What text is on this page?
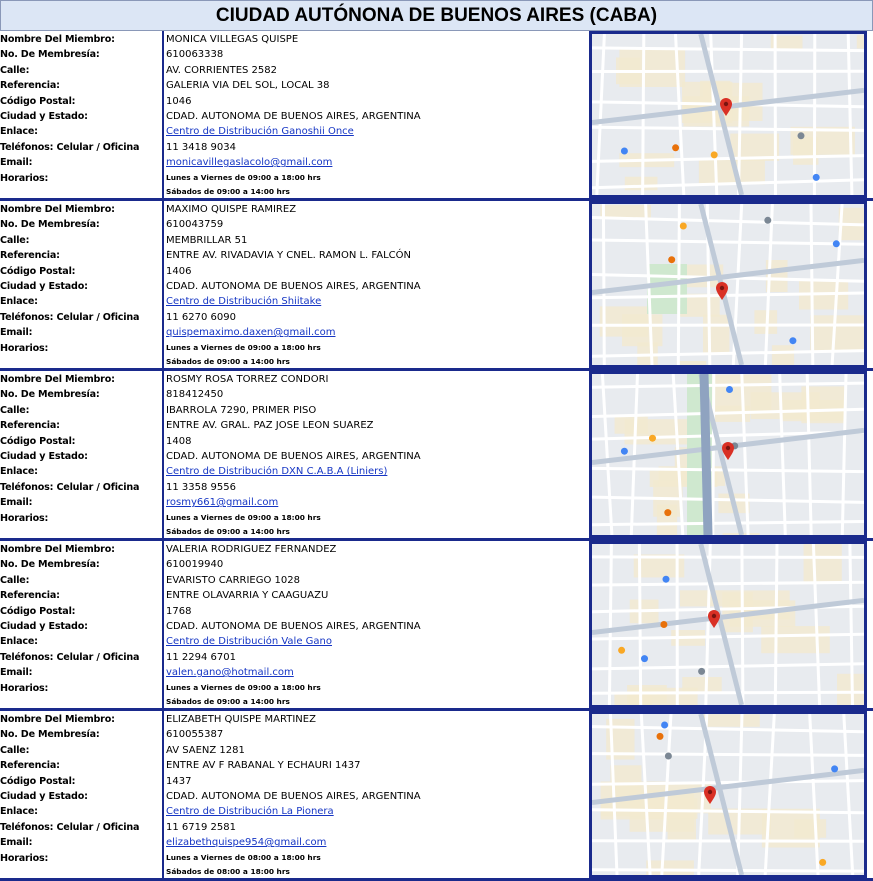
CIUDAD AUTÓNONA DE BUENOS AIRES (CABA)
Nombre Del Miembro:
No. De Membresía:
Calle:
Referencia:
Código Postal:
Ciudad y Estado:
Enlace:
Teléfonos: Celular / Oficina
Email:
Horarios:
MONICA VILLEGAS QUISPE
610063338
AV. CORRIENTES 2582
GALERIA VIA DEL SOL, LOCAL 38
1046
CDAD. AUTONOMA DE BUENOS AIRES, ARGENTINA
Centro de Distribución Ganoshii Once
11 3418 9034
monicavillegaslacolo@gmail.com
Lunes a Viernes de 09:00 a 18:00 hrs
Sábados de 09:00 a 14:00 hrs
Nombre Del Miembro:
No. De Membresía:
Calle:
Referencia:
Código Postal:
Ciudad y Estado:
Enlace:
Teléfonos: Celular / Oficina
Email:
Horarios:
MAXIMO QUISPE RAMIREZ
610043759
MEMBRILLAR 51
ENTRE AV. RIVADAVIA Y CNEL. RAMON L. FALCÓN
1406
CDAD. AUTONOMA DE BUENOS AIRES, ARGENTINA
Centro de Distribución Shiitake
11 6270 6090
quispemaximo.daxen@gmail.com
Lunes a Viernes de 09:00 a 18:00 hrs
Sábados de 09:00 a 14:00 hrs
Nombre Del Miembro:
No. De Membresía:
Calle:
Referencia:
Código Postal:
Ciudad y Estado:
Enlace:
Teléfonos: Celular / Oficina
Email:
Horarios:
ROSMY ROSA TORREZ CONDORI
818412450
IBARROLA 7290, PRIMER PISO
ENTRE AV. GRAL. PAZ JOSE LEON SUAREZ
1408
CDAD. AUTONOMA DE BUENOS AIRES, ARGENTINA
Centro de Distribución DXN C.A.B.A (Liniers)
11 3358 9556
rosmy661@gmail.com
Lunes a Viernes de 09:00 a 18:00 hrs
Sábados de 09:00 a 14:00 hrs
Nombre Del Miembro:
No. De Membresía:
Calle:
Referencia:
Código Postal:
Ciudad y Estado:
Enlace:
Teléfonos: Celular / Oficina
Email:
Horarios:
VALERIA RODRIGUEZ FERNANDEZ
610019940
EVARISTO CARRIEGO 1028
ENTRE OLAVARRIA Y CAAGUAZU
1768
CDAD. AUTONOMA DE BUENOS AIRES, ARGENTINA
Centro de Distribución Vale Gano
11 2294 6701
valen.gano@hotmail.com
Lunes a Viernes de 09:00 a 18:00 hrs
Sábados de 09:00 a 14:00 hrs
Nombre Del Miembro:
No. De Membresía:
Calle:
Referencia:
Código Postal:
Ciudad y Estado:
Enlace:
Teléfonos: Celular / Oficina
Email:
Horarios:
ELIZABETH QUISPE MARTINEZ
610055387
AV SAENZ 1281
ENTRE AV F RABANAL Y ECHAURI 1437
1437
CDAD. AUTONOMA DE BUENOS AIRES, ARGENTINA
Centro de Distribución La Pionera
11 6719 2581
elizabethquispe954@gmail.com
Lunes a Viernes de 08:00 a 18:00 hrs
Sábados de 08:00 a 18:00 hrs
